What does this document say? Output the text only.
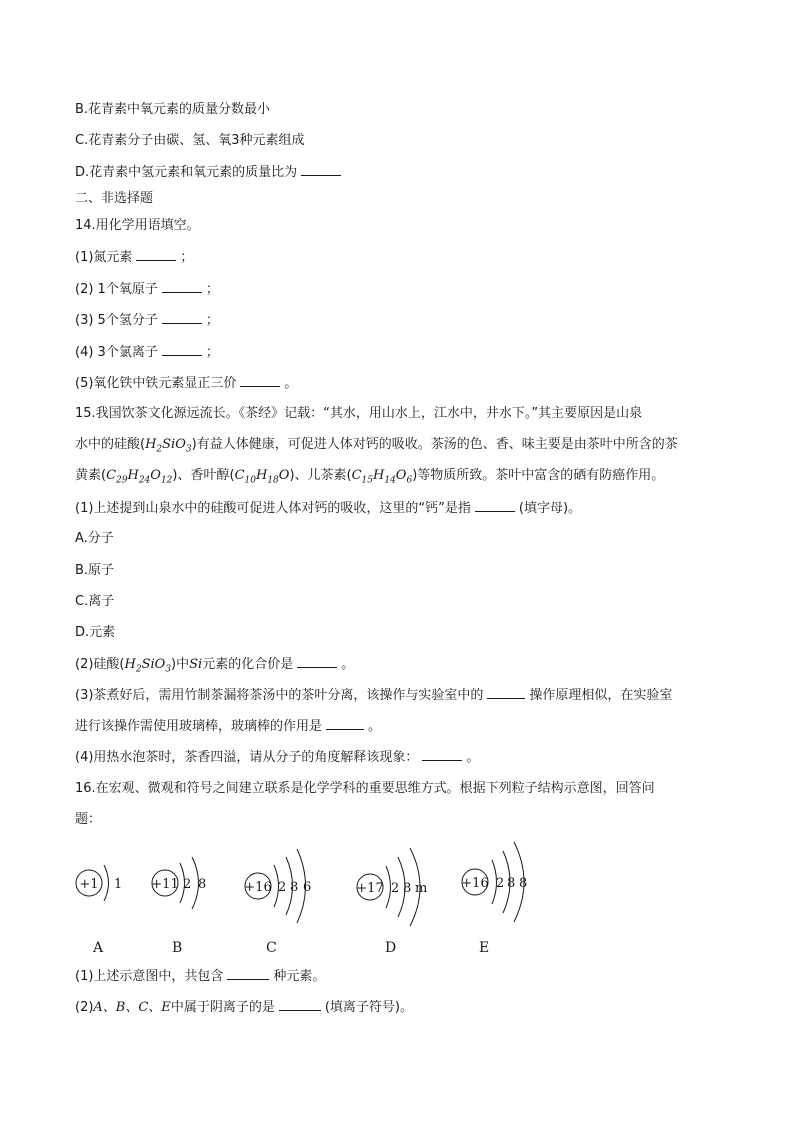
B.花青素中氧元素的质量分数最小
C.花青素分子由碳、氢、氧3种元素组成
D.花青素中氢元素和氧元素的质量比为
二、非选择题
14.用化学用语填空。
(1)氮元素	；
(2) 1个氧原子	；
(3) 5个氢分子	；
(4) 3个氯离子	；
(5)氧化铁中铁元素显正三价	。
15.我国饮茶文化源远流长。《茶经》记载：“其水，用山水上，江水中，井水下。”其主要原因是山泉
水中的硅酸$(H_2SiO_3)$有益人体健康，可促进人体对钙的吸收。茶汤的色、香、味主要是由茶叶中所含的茶
黄素$(C_{29}H_{24}O_{12})$、香叶醇$(C_{10}H_{18}O)$、儿茶素$(C_{15}H_{14}O_6)$等物质所致。茶叶中富含的硒有防癌作用。
(1)上述提到山泉水中的硅酸可促进人体对钙的吸收，这里的“钙”是指	(填字母)。
A.分子
B.原子
C.离子
D.元素
(2)硅酸$(H_2SiO_3)$中Si元素的化合价是	。
(3)茶煮好后，需用竹制茶漏将茶汤中的茶叶分离，该操作与实验室中的	操作原理相似，在实验室
进行该操作需使用玻璃棒，玻璃棒的作用是	。
(4)用热水泡茶时，茶香四溢，请从分子的角度解释该现象：	。
16.在宏观、微观和符号之间建立联系是化学学科的重要思维方式。根据下列粒子结构示意图，回答问
题：
+1 1 +11 2 8	+16 2 8 6	+17 2 8 m	+16 2 8 8
A	B	C	D	E
(1)上述示意图中，共包含	种元素。
(2)A、B、C、E中属于阴离子的是	(填离子符号)。
